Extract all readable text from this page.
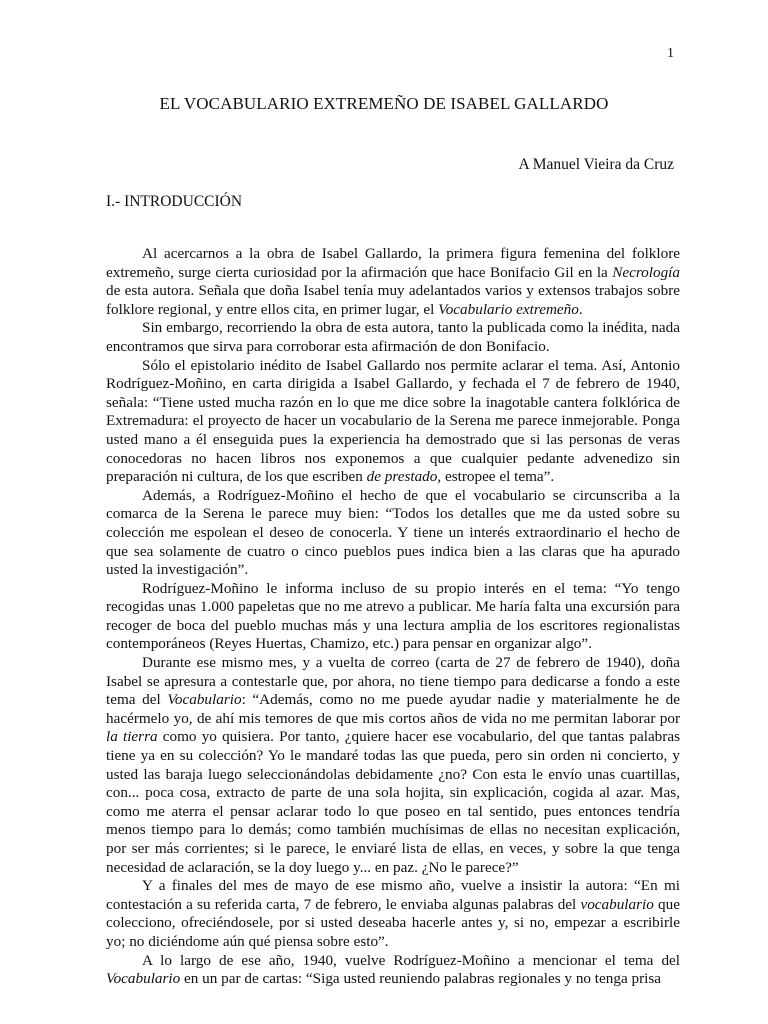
1
EL VOCABULARIO EXTREMEÑO DE ISABEL GALLARDO
A Manuel Vieira da Cruz
I.- INTRODUCCIÓN

Al acercarnos a la obra de Isabel Gallardo, la primera figura femenina del folklore extremeño, surge cierta curiosidad por la afirmación que hace Bonifacio Gil en la Necrología de esta autora. Señala que doña Isabel tenía muy adelantados varios y extensos trabajos sobre folklore regional, y entre ellos cita, en primer lugar, el Vocabulario extremeño.

Sin embargo, recorriendo la obra de esta autora, tanto la publicada como la inédita, nada encontramos que sirva para corroborar esta afirmación de don Bonifacio.

Sólo el epistolario inédito de Isabel Gallardo nos permite aclarar el tema. Así, Antonio Rodríguez-Moñino, en carta dirigida a Isabel Gallardo, y fechada el 7 de febrero de 1940, señala: “Tiene usted mucha razón en lo que me dice sobre la inagotable cantera folklórica de Extremadura: el proyecto de hacer un vocabulario de la Serena me parece inmejorable. Ponga usted mano a él enseguida pues la experiencia ha demostrado que si las personas de veras conocedoras no hacen libros nos exponemos a que cualquier pedante advenedizo sin preparación ni cultura, de los que escriben de prestado, estropee el tema”.

Además, a Rodríguez-Moñino el hecho de que el vocabulario se circunscriba a la comarca de la Serena le parece muy bien: “Todos los detalles que me da usted sobre su colección me espolean el deseo de conocerla. Y tiene un interés extraordinario el hecho de que sea solamente de cuatro o cinco pueblos pues indica bien a las claras que ha apurado usted la investigación”.

Rodríguez-Moñino le informa incluso de su propio interés en el tema: “Yo tengo recogidas unas 1.000 papeletas que no me atrevo a publicar. Me haría falta una excursión para recoger de boca del pueblo muchas más y una lectura amplia de los escritores regionalistas contemporáneos (Reyes Huertas, Chamizo, etc.) para pensar en organizar algo”.

Durante ese mismo mes, y a vuelta de correo (carta de 27 de febrero de 1940), doña Isabel se apresura a contestarle que, por ahora, no tiene tiempo para dedicarse a fondo a este tema del Vocabulario: “Además, como no me puede ayudar nadie y materialmente he de hacérmelo yo, de ahí mis temores de que mis cortos años de vida no me permitan laborar por la tierra como yo quisiera. Por tanto, ¿quiere hacer ese vocabulario, del que tantas palabras tiene ya en su colección? Yo le mandaré todas las que pueda, pero sin orden ni concierto, y usted las baraja luego seleccionándolas debidamente ¿no? Con esta le envío unas cuartillas, con... poca cosa, extracto de parte de una sola hojita, sin explicación, cogida al azar. Mas, como me aterra el pensar aclarar todo lo que poseo en tal sentido, pues entonces tendría menos tiempo para lo demás; como también muchísimas de ellas no necesitan explicación, por ser más corrientes; si le parece, le enviaré lista de ellas, en veces, y sobre la que tenga necesidad de aclaración, se la doy luego y... en paz. ¿No le parece?”

Y a finales del mes de mayo de ese mismo año, vuelve a insistir la autora: “En mi contestación a su referida carta, 7 de febrero, le enviaba algunas palabras del vocabulario que colecciono, ofreciéndosele, por si usted deseaba hacerle antes y, si no, empezar a escribirle yo; no diciéndome aún qué piensa sobre esto”.

A lo largo de ese año, 1940, vuelve Rodríguez-Moñino a mencionar el tema del Vocabulario en un par de cartas: “Siga usted reuniendo palabras regionales y no tenga prisa
